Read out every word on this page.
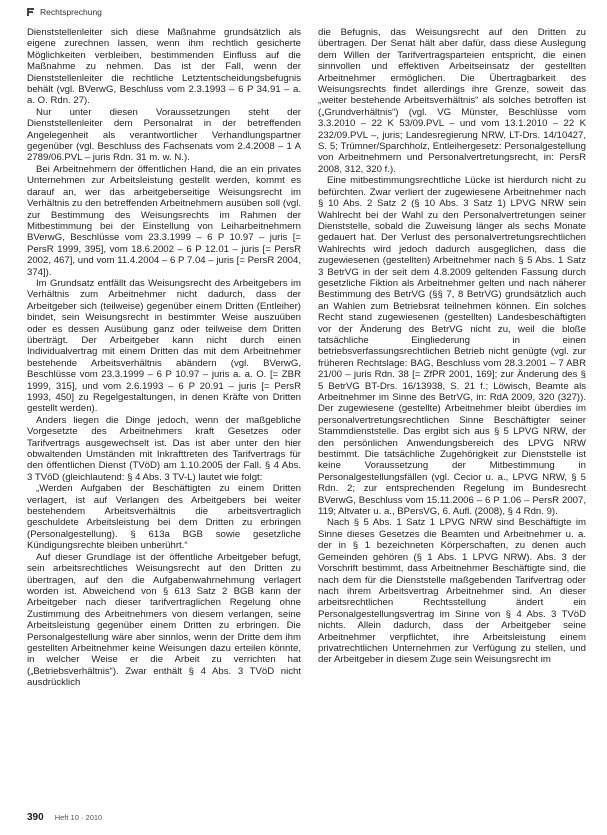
Rechtsprechung

Dienststellenleiter sich diese Maßnahme grundsätzlich als eigene zurechnen lassen, wenn ihm rechtlich gesicherte Möglichkeiten verbleiben, bestimmenden Einfluss auf die Maßnahme zu nehmen. Das ist der Fall, wenn der Dienststellenleiter die rechtliche Letztentscheidungsbefugnis behält (vgl. BVerwG, Beschluss vom 2.3.1993 – 6 P 34.91 – a. a. O. Rdn. 27).

Nur unter diesen Voraussetzungen steht der Dienststellenleiter dem Personalrat in der betreffenden Angelegenheit als verantwortlicher Verhandlungspartner gegenüber (vgl. Beschluss des Fachsenats vom 2.4.2008 – 1 A 2789/06.PVL – juris Rdn. 31 m. w. N.).

Bei Arbeitnehmern der öffentlichen Hand, die an ein privates Unternehmen zur Arbeitsleistung gestellt werden, kommt es darauf an, wer das arbeitgeberseitige Weisungsrecht im Verhältnis zu den betreffenden Arbeitnehmern ausüben soll (vgl. zur Bestimmung des Weisungsrechts im Rahmen der Mitbestimmung bei der Einstellung von Leiharbeitnehmern BVerwG, Beschlüsse vom 23.3.1999 – 6 P 10.97 – juris [= PersR 1999, 395], vom 18.6.2002 – 6 P 12.01 – juris [= PersR 2002, 467], und vom 11.4.2004 – 6 P 7.04 – juris [= PersR 2004, 374]).

Im Grundsatz entfällt das Weisungsrecht des Arbeitgebers im Verhältnis zum Arbeitnehmer nicht dadurch, dass der Arbeitgeber sich (teilweise) gegenüber einem Dritten (Entleiher) bindet, sein Weisungsrecht in bestimmter Weise auszuüben oder es dessen Ausübung ganz oder teilweise dem Dritten überträgt. Der Arbeitgeber kann nicht durch einen Individualvertrag mit einem Dritten das mit dem Arbeitnehmer bestehende Arbeitsverhältnis abändern (vgl. BVerwG, Beschlüsse vom 23.3.1999 – 6 P 10.97 – juris a. a. O. [= ZBR 1999, 315], und vom 2.6.1993 – 6 P 20.91 – juris [= PersR 1993, 450] zu Regelgestaltungen, in denen Kräfte von Dritten gestellt werden).

Anders liegen die Dinge jedoch, wenn der maßgebliche Vorgesetzte des Arbeitnehmers kraft Gesetzes oder Tarifvertrags ausgewechselt ist. Das ist aber unter den hier obwaltenden Umständen mit Inkrafttreten des Tarifvertrags für den öffentlichen Dienst (TVöD) am 1.10.2005 der Fall. § 4 Abs. 3 TVöD (gleichlautend: § 4 Abs. 3 TV-L) lautet wie folgt:

„Werden Aufgaben der Beschäftigten zu einem Dritten verlagert, ist auf Verlangen des Arbeitgebers bei weiter bestehendem Arbeitsverhältnis die arbeitsvertraglich geschuldete Arbeitsleistung bei dem Dritten zu erbringen (Personalgestellung). § 613a BGB sowie gesetzliche Kündigungsrechte bleiben unberührt.“

Auf dieser Grundlage ist der öffentliche Arbeitgeber befugt, sein arbeitsrechtliches Weisungsrecht auf den Dritten zu übertragen, auf den die Aufgabenwahrnehmung verlagert worden ist. Abweichend von § 613 Satz 2 BGB kann der Arbeitgeber nach dieser tarifvertraglichen Regelung ohne Zustimmung des Arbeitnehmers von diesem verlangen, seine Arbeitsleistung gegenüber einem Dritten zu erbringen. Die Personalgestellung wäre aber sinnlos, wenn der Dritte dem ihm gestellten Arbeitnehmer keine Weisungen dazu erteilen könnte, in welcher Weise er die Arbeit zu verrichten hat („Betriebsverhältnis“). Zwar enthält § 4 Abs. 3 TVöD nicht ausdrücklich

die Befugnis, das Weisungsrecht auf den Dritten zu übertragen. Der Senat hält aber dafür, dass diese Auslegung dem Willen der Tarifvertragsparteien entspricht, die einen sinnvollen und effektiven Arbeitseinsatz der gestellten Arbeitnehmer ermöglichen. Die Übertragbarkeit des Weisungsrechts findet allerdings ihre Grenze, soweit das „weiter bestehende Arbeitsverhältnis“ als solches betroffen ist („Grundverhältnis“) (vgl. VG Münster, Beschlüsse vom 3.3.2010 – 22 K 53/09.PVL – und vom 13.1.2010 – 22 K 232/09.PVL –, juris; Landesregierung NRW, LT-Drs. 14/10427, S. 5; Trümner/Sparchholz, Entleihergesetz: Personalgestellung von Arbeitnehmern und Personalvertretungsrecht, in: PersR 2008, 312, 320 f.).

Eine mitbestimmungsrechtliche Lücke ist hierdurch nicht zu befürchten. Zwar verliert der zugewiesene Arbeitnehmer nach § 10 Abs. 2 Satz 2 (§ 10 Abs. 3 Satz 1) LPVG NRW sein Wahlrecht bei der Wahl zu den Personalvertretungen seiner Dienststelle, sobald die Zuweisung länger als sechs Monate gedauert hat. Der Verlust des personalvertretungsrechtlichen Wahlrechts wird jedoch dadurch ausgeglichen, dass die zugewiesenen (gestellten) Arbeitnehmer nach § 5 Abs. 1 Satz 3 BetrVG in der seit dem 4.8.2009 geltenden Fassung durch gesetzliche Fiktion als Arbeitnehmer gelten und nach näherer Bestimmung des BetrVG (§§ 7, 8 BetrVG) grundsätzlich auch an Wahlen zum Betriebsrat teilnehmen können. Ein solches Recht stand zugewiesenen (gestellten) Landesbeschäftigten vor der Änderung des BetrVG nicht zu, weil die bloße tatsächliche Eingliederung in einen betriebsverfassungsrechtlichen Betrieb nicht genügte (vgl. zur früheren Rechtslage: BAG, Beschluss vom 28.3.2001 – 7 ABR 21/00 – juris Rdn. 38 [= ZfPR 2001, 169]; zur Änderung des § 5 BetrVG BT-Drs. 16/13938, S. 21 f.; Löwisch, Beamte als Arbeitnehmer im Sinne des BetrVG, in: RdA 2009, 320 (327)). Der zugewiesene (gestellte) Arbeitnehmer bleibt überdies im personalvertretungsrechtlichen Sinne Beschäftigter seiner Stammdienststelle. Das ergibt sich aus § 5 LPVG NRW, der den persönlichen Anwendungsbereich des LPVG NRW bestimmt. Die tatsächliche Zugehörigkeit zur Dienststelle ist keine Voraussetzung der Mitbestimmung in Personalgestellungsfällen (vgl. Cecior u. a., LPVG NRW, § 5 Rdn. 2; zur entsprechenden Regelung im Bundesrecht BVerwG, Beschluss vom 15.11.2006 – 6 P 1.06 – PersR 2007, 119; Altvater u. a., BPersVG, 6. Aufl. (2008), § 4 Rdn. 9).

Nach § 5 Abs. 1 Satz 1 LPVG NRW sind Beschäftigte im Sinne dieses Gesetzes die Beamten und Arbeitnehmer u. a. der in § 1 bezeichneten Körperschaften, zu denen auch Gemeinden gehören (§ 1 Abs. 1 LPVG NRW). Abs. 3 der Vorschrift bestimmt, dass Arbeitnehmer Beschäftigte sind, die nach dem für die Dienststelle maßgebenden Tarifvertrag oder nach ihrem Arbeitsvertrag Arbeitnehmer sind. An dieser arbeitsrechtlichen Rechtsstellung ändert ein Personalgestellungsvertrag im Sinne von § 4 Abs. 3 TVöD nichts. Allein dadurch, dass der Arbeitgeber seine Arbeitnehmer verpflichtet, ihre Arbeitsleistung einem privatrechtlichen Unternehmen zur Verfügung zu stellen, und der Arbeitgeber in diesem Zuge sein Weisungsrecht im

390 Heft 10 · 2010
